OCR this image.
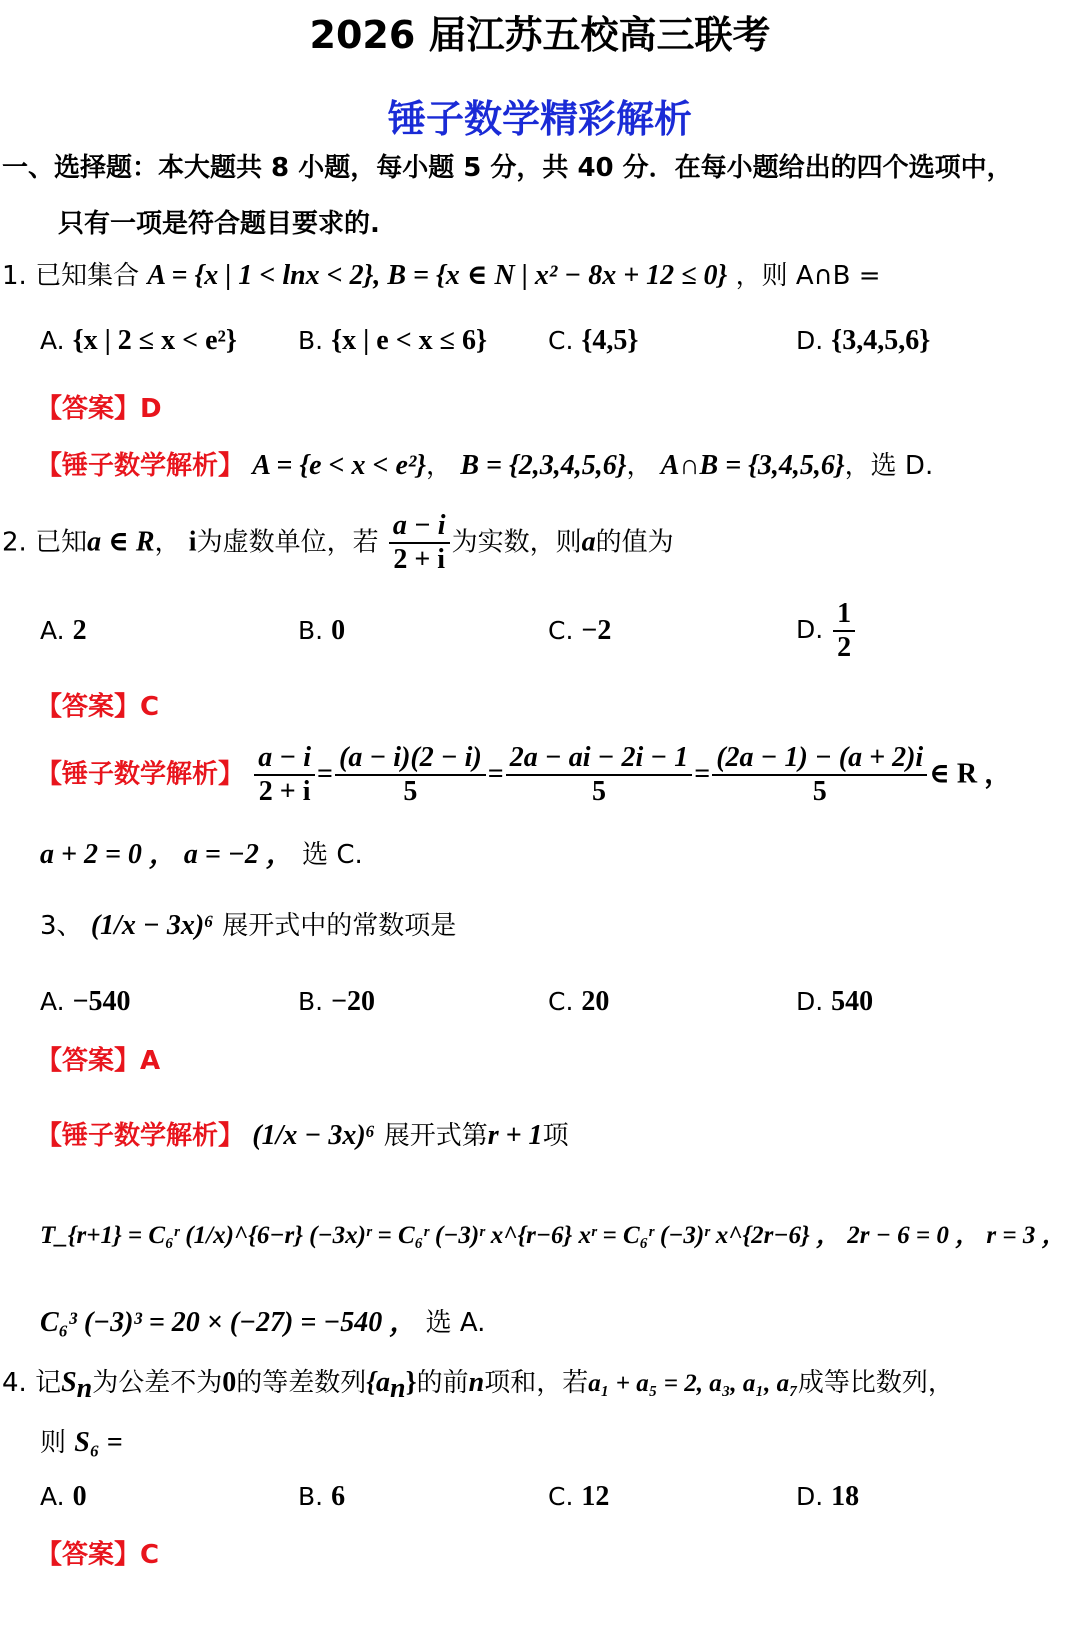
2026 届江苏五校高三联考
锤子数学精彩解析
一、选择题：本大题共 8 小题，每小题 5 分，共 40 分．在每小题给出的四个选项中，
只有一项是符合题目要求的.
1. 已知集合 A = {x | 1 < lnx < 2}, B = {x ∈ N | x² − 8x + 12 ≤ 0} ，则 A∩B =
A. {x | 2 ≤ x < e²} B. {x | e < x ≤ 6} C. {4,5}	D. {3,4,5,6}
【答案】D
【锤子数学解析】 A = {e < x < e²}， B = {2,3,4,5,6}， A∩B = {3,4,5,6}，选 D.
2. 已知a ∈ R， i为虚数单位，若 $\frac{a - i}{2 + i}$ 为实数，则a的值为
A. 2	B. 0	C. −2	D. $\frac{1}{2}$
【答案】C
【锤子数学解析】 $\frac{a - i}{2 + i} = \frac{(a - i)(2 - i)}{5} = \frac{2a - ai - 2i - 1}{5} = \frac{(2a - 1) - (a + 2)i}{5}$ ∈ R ，
a + 2 = 0 ， a = −2 ， 选 C.
3、 (1/x − 3x)⁶ 展开式中的常数项是
A. −540	B. −20	C. 20	D. 540
【答案】A
【锤子数学解析】 (1/x − 3x)⁶ 展开式第r + 1项
T_{r+1} = C₆ʳ (1/x)^{6−r} (−3x)ʳ = C₆ʳ (−3)ʳ x^{r−6} xʳ = C₆ʳ (−3)ʳ x^{2r−6} ， 2r − 6 = 0 ， r = 3 ，
C₆³ (−3)³ = 20 × (−27) = −540 ， 选 A.
4. 记$S_n$为公差不为0的等差数列$\{a_n\}$的前n项和，若a₁ + a₅ = 2, a₃, a₁, a₇成等比数列，
则 S₆ =
A. 0	B. 6	C. 12	D. 18
【答案】C
